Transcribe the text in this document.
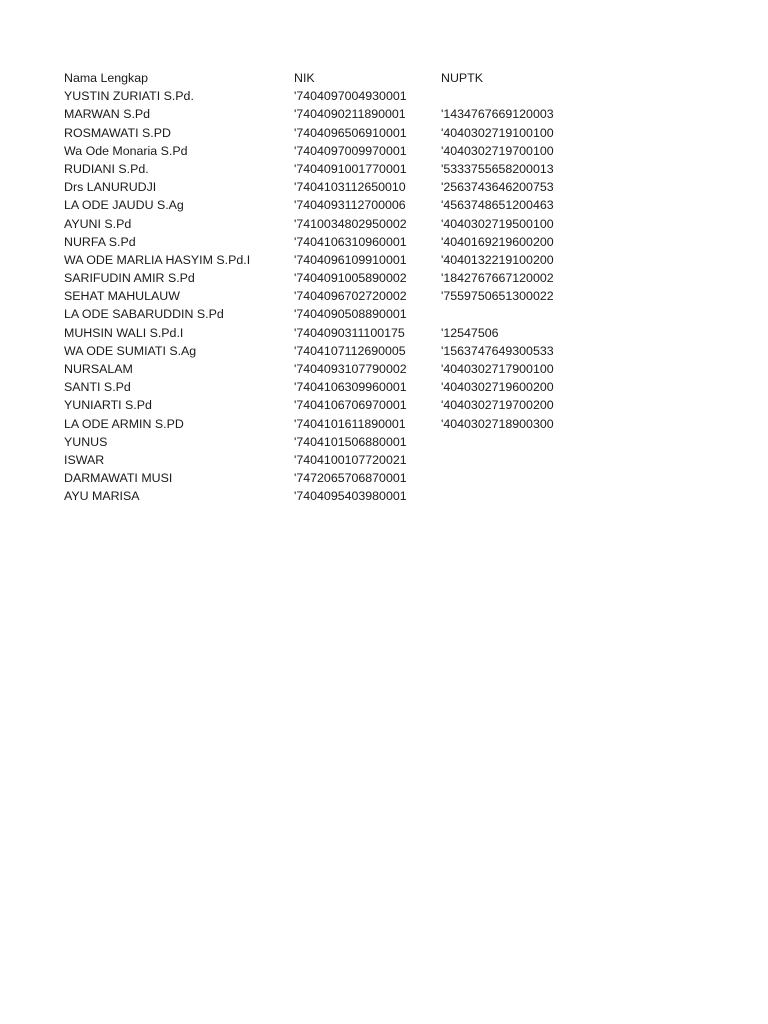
Nama Lengkap	NIK	NUPTK
YUSTIN ZURIATI S.Pd.	'7404097004930001
MARWAN S.Pd	'7404090211890001	'1434767669120003
ROSMAWATI S.PD	'7404096506910001	'4040302719100100
Wa Ode Monaria S.Pd	'7404097009970001	'4040302719700100
RUDIANI S.Pd.	'7404091001770001	'5333755658200013
Drs LANURUDJI	'7404103112650010	'2563743646200753
LA ODE JAUDU S.Ag	'7404093112700006	'4563748651200463
AYUNI S.Pd	'7410034802950002	'4040302719500100
NURFA S.Pd	'7404106310960001	'4040169219600200
WA ODE MARLIA HASYIM S.Pd.I	'7404096109910001	'4040132219100200
SARIFUDIN AMIR S.Pd	'7404091005890002	'1842767667120002
SEHAT MAHULAUW	'7404096702720002	'7559750651300022
LA ODE SABARUDDIN S.Pd	'7404090508890001
MUHSIN WALI S.Pd.I	'7404090311100175	'12547506
WA ODE SUMIATI S.Ag	'7404107112690005	'1563747649300533
NURSALAM	'7404093107790002	'4040302717900100
SANTI S.Pd	'7404106309960001	'4040302719600200
YUNIARTI S.Pd	'7404106706970001	'4040302719700200
LA ODE ARMIN S.PD	'7404101611890001	'4040302718900300
YUNUS	'7404101506880001
ISWAR	'7404100107720021
DARMAWATI MUSI	'7472065706870001
AYU MARISA	'7404095403980001
